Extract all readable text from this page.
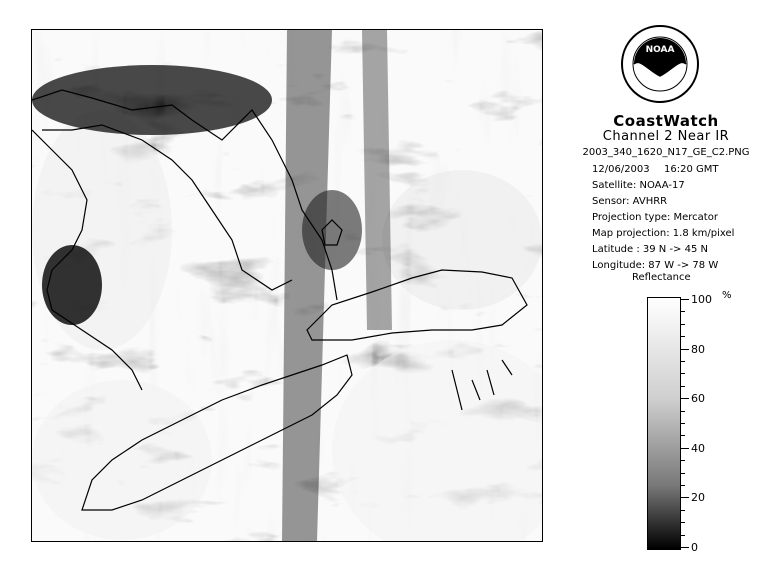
NOAA
CoastWatch
Channel 2 Near IR
2003_340_1620_N17_GE_C2.PNG
12/06/2003 16:20 GMT
Satellite: NOAA-17
Sensor: AVHRR
Projection type: Mercator
Map projection: 1.8 km/pixel
Latitude : 39 N -> 45 N
Longitude: 87 W -> 78 W
Reflectance
%
100
80
60
40
20
0
